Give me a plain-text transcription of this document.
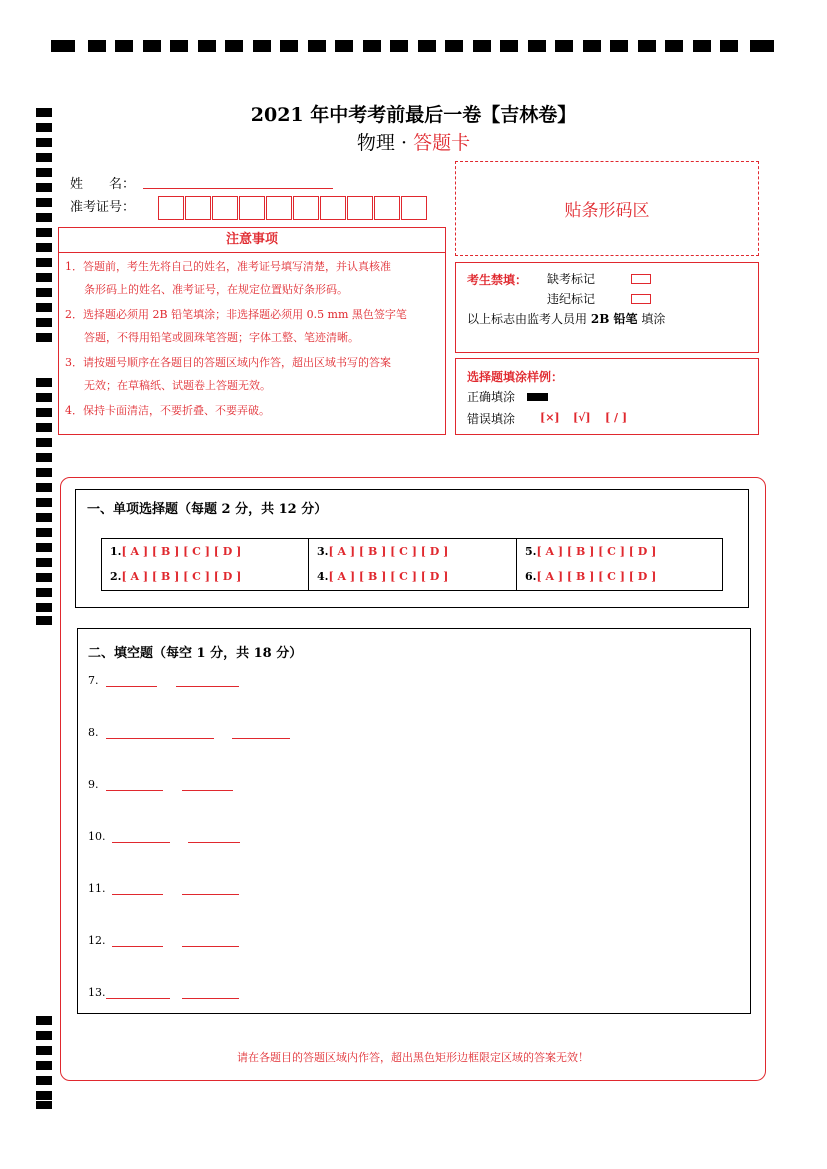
2021 年中考考前最后一卷【吉林卷】
物理 · 答题卡
姓　　名：
准考证号：	贴条形码区
注意事项
1．答题前，考生先将自己的姓名，准考证号填写清楚，并认真核准
条形码上的姓名、准考证号，在规定位置贴好条形码。
2．选择题必须用 2B 铅笔填涂；非选择题必须用 0.5 mm 黑色签字笔
答题，不得用铅笔或圆珠笔答题；字体工整、笔迹清晰。
3．请按题号顺序在各题目的答题区域内作答，超出区域书写的答案
无效；在草稿纸、试题卷上答题无效。
4．保持卡面清洁，不要折叠、不要弄破。
考生禁填： 缺考标记
违纪标记
以上标志由监考人员用 2B 铅笔 填涂
选择题填涂样例：
正确填涂
错误填涂 [×] [√] [ / ]
一、单项选择题（每题 2 分，共 12 分）
1.[ A ] [ B ] [ C ] [ D ]
2.[ A ] [ B ] [ C ] [ D ]
3.[ A ] [ B ] [ C ] [ D ]
4.[ A ] [ B ] [ C ] [ D ]
5.[ A ] [ B ] [ C ] [ D ]
6.[ A ] [ B ] [ C ] [ D ]
二、填空题（每空 1 分，共 18 分）
7.
8.
9.
10.
11.
12.
13.
请在各题目的答题区域内作答，超出黑色矩形边框限定区域的答案无效！
